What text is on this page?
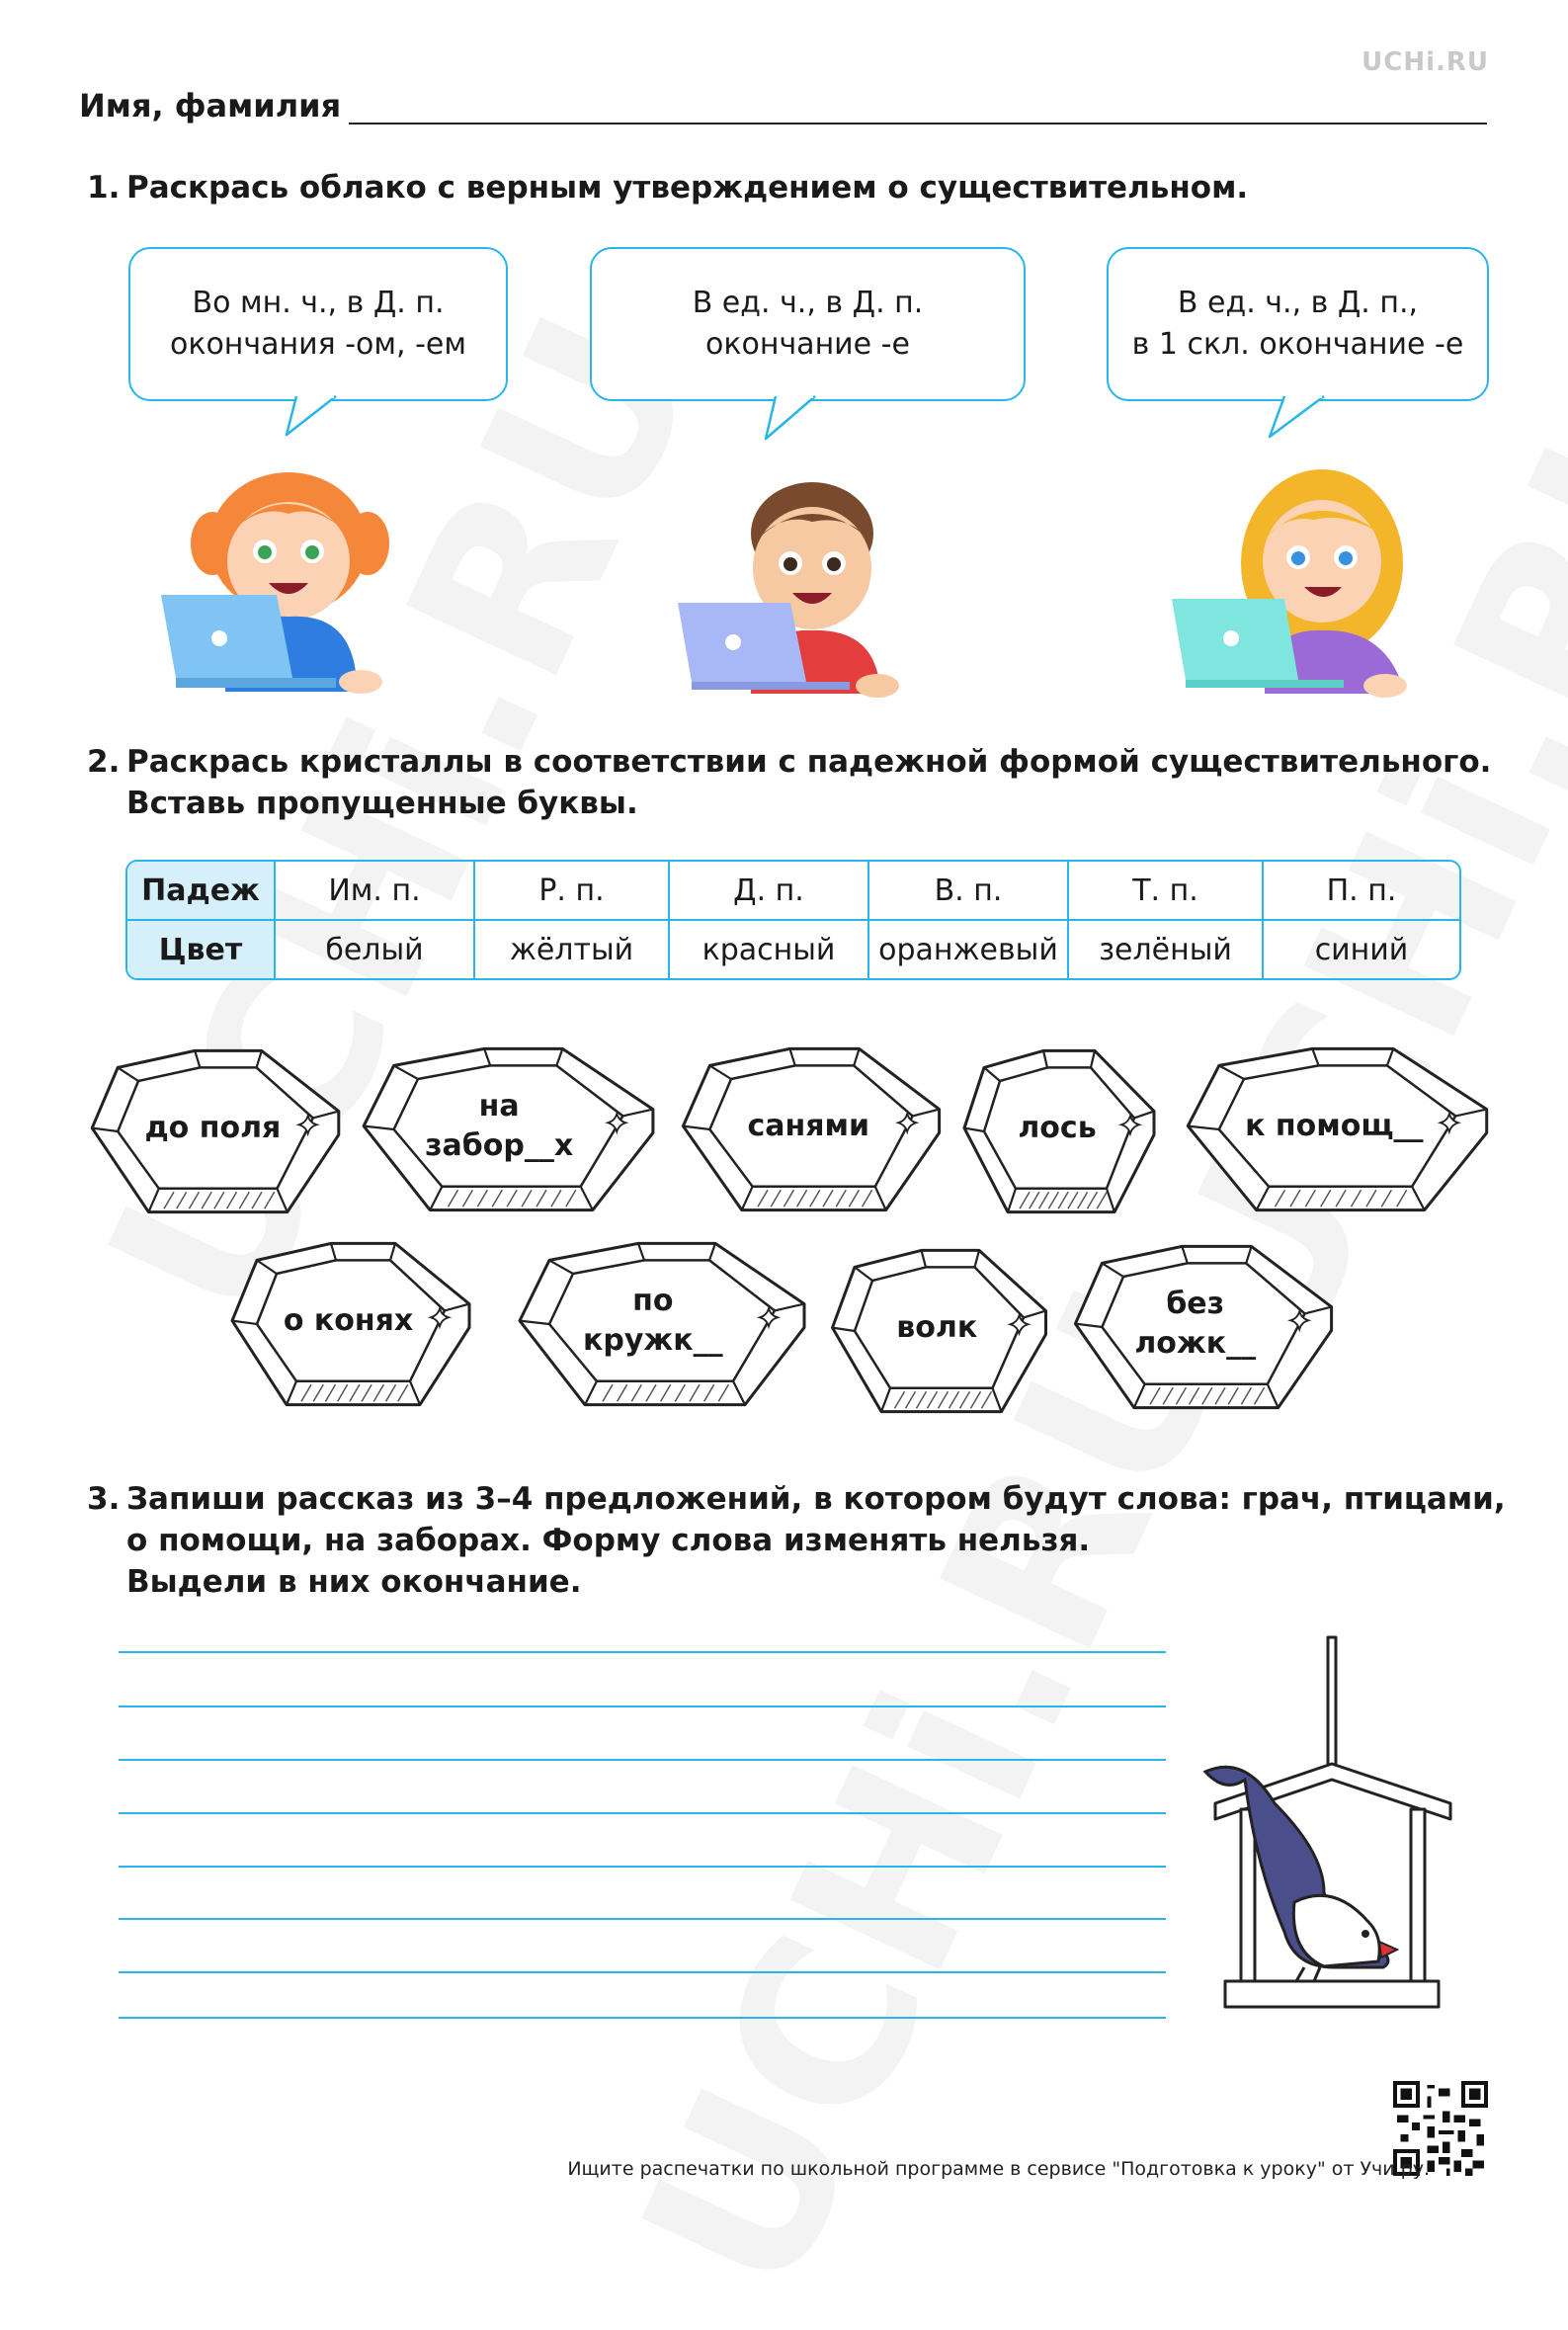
UCHi.RU
Имя, фамилия
1. Раскрась облако с верным утверждением о существительном.
Во мн. ч., в Д. п.
окончания -ом, -ем
В ед. ч., в Д. п.
окончание -е
В ед. ч., в Д. п.,
в 1 скл. окончание -е
2. Раскрась кристаллы в соответствии с падежной формой существительного.
Вставь пропущенные буквы.
Падеж	Им. п.	Р. п.	Д. п.	В. п.	Т. п.	П. п.
Цвет	белый	жёлтый	красный	оранжевый	зелёный	синий
до поля
на забор__х
санями	лось	к помощ__
о конях
по кружк__	волк
без ложк__
3. Запиши рассказ из 3–4 предложений, в котором будут слова: грач, птицами,
о помощи, на заборах. Форму слова изменять нельзя.
Выдели в них окончание.
Ищите распечатки по школьной программе в сервисе "Подготовка к уроку" от Учи.ру.
